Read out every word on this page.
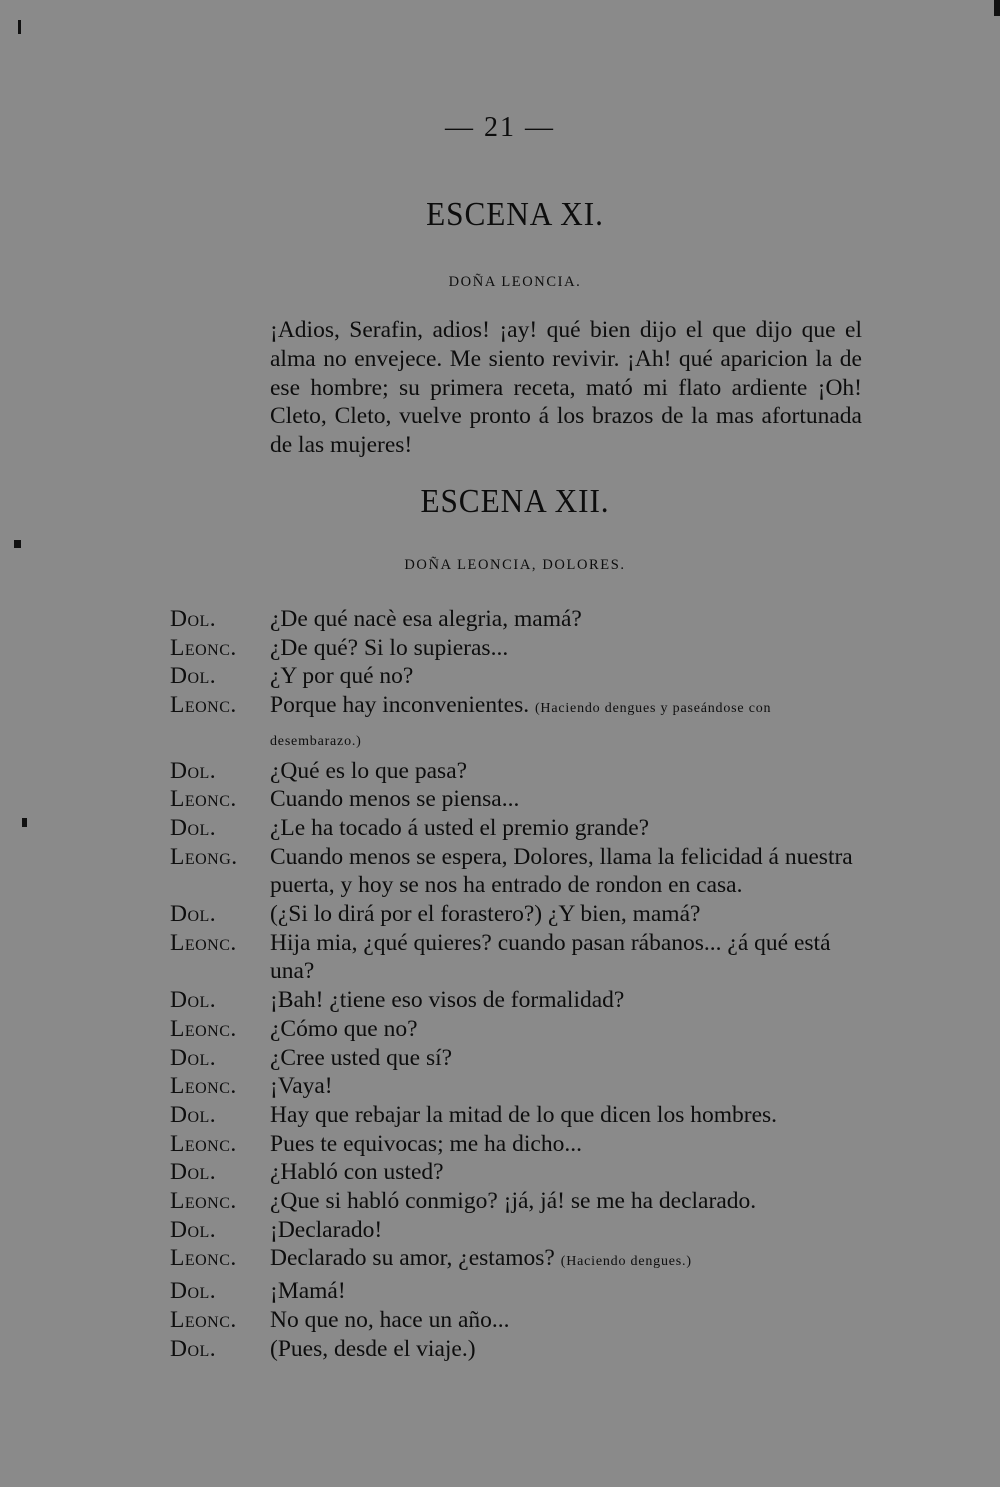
— 21 —
ESCENA XI.
DOÑA LEONCIA.
¡Adios, Serafin, adios! ¡ay! qué bien dijo el que dijo que el alma no envejece. Me siento revivir. ¡Ah! qué aparicion la de ese hombre; su primera receta, mató mi flato ardiente ¡Oh! Cleto, Cleto, vuelve pronto á los brazos de la mas afortunada de las mujeres!
ESCENA XII.
DOÑA LEONCIA, DOLORES.
Dol.	¿De qué nacè esa alegria, mamá?
Leonc.	¿De qué? Si lo supieras...
Dol.	¿Y por qué no?
Leonc.	Porque hay inconvenientes. (Haciendo dengues y paseándose con desembarazo.)
Dol.	¿Qué es lo que pasa?
Leonc.	Cuando menos se piensa...
Dol.	¿Le ha tocado á usted el premio grande?
Leong.	Cuando menos se espera, Dolores, llama la felicidad á nuestra puerta, y hoy se nos ha entrado de rondon en casa.
Dol.	(¿Si lo dirá por el forastero?) ¿Y bien, mamá?
Leonc.	Hija mia, ¿qué quieres? cuando pasan rábanos... ¿á qué está una?
Dol.	¡Bah! ¿tiene eso visos de formalidad?
Leonc.	¿Cómo que no?
Dol.	¿Cree usted que sí?
Leonc.	¡Vaya!
Dol.	Hay que rebajar la mitad de lo que dicen los hombres.
Leonc.	Pues te equivocas; me ha dicho...
Dol.	¿Habló con usted?
Leonc.	¿Que si habló conmigo? ¡já, já! se me ha declarado.
Dol.	¡Declarado!
Leonc.	Declarado su amor, ¿estamos? (Haciendo dengues.)
Dol.	¡Mamá!
Leonc.	No que no, hace un año...
Dol.	(Pues, desde el viaje.)
